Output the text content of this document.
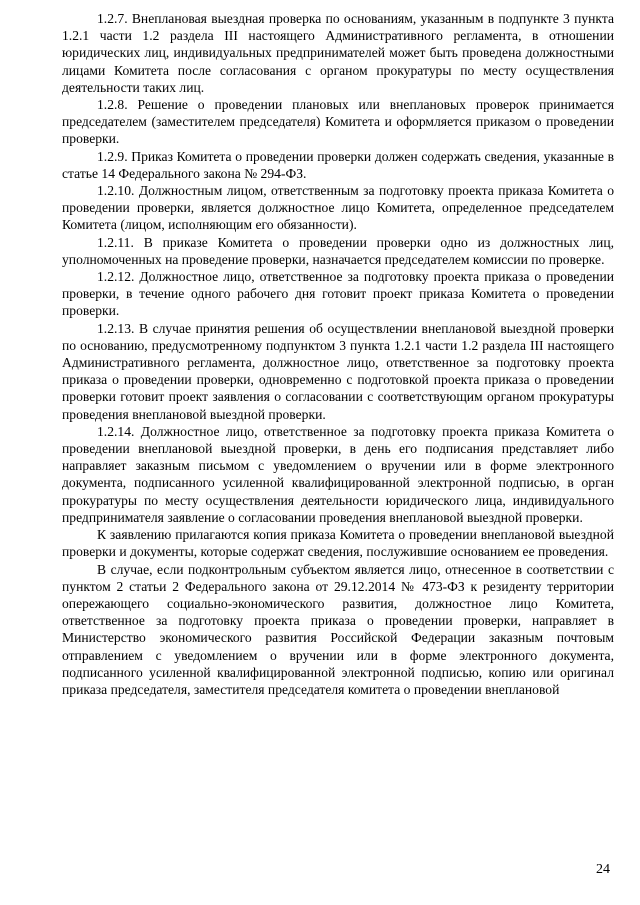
1.2.7. Внеплановая выездная проверка по основаниям, указанным в подпункте 3 пункта 1.2.1 части 1.2 раздела III настоящего Административного регламента, в отношении юридических лиц, индивидуальных предпринимателей может быть проведена должностными лицами Комитета после согласования с органом прокуратуры по месту осуществления деятельности таких лиц.

1.2.8. Решение о проведении плановых или внеплановых проверок принимается председателем (заместителем председателя) Комитета и оформляется приказом о проведении проверки.

1.2.9. Приказ Комитета о проведении проверки должен содержать сведения, указанные в статье 14 Федерального закона № 294-ФЗ.

1.2.10. Должностным лицом, ответственным за подготовку проекта приказа Комитета о проведении проверки, является должностное лицо Комитета, определенное председателем Комитета (лицом, исполняющим его обязанности).

1.2.11. В приказе Комитета о проведении проверки одно из должностных лиц, уполномоченных на проведение проверки, назначается председателем комиссии по проверке.

1.2.12. Должностное лицо, ответственное за подготовку проекта приказа о проведении проверки, в течение одного рабочего дня готовит проект приказа Комитета о проведении проверки.

1.2.13. В случае принятия решения об осуществлении внеплановой выездной проверки по основанию, предусмотренному подпунктом 3 пункта 1.2.1 части 1.2 раздела III настоящего Административного регламента, должностное лицо, ответственное за подготовку проекта приказа о проведении проверки, одновременно с подготовкой проекта приказа о проведении проверки готовит проект заявления о согласовании с соответствующим органом прокуратуры проведения внеплановой выездной проверки.

1.2.14. Должностное лицо, ответственное за подготовку проекта приказа Комитета о проведении внеплановой выездной проверки, в день его подписания представляет либо направляет заказным письмом с уведомлением о вручении или в форме электронного документа, подписанного усиленной квалифицированной электронной подписью, в орган прокуратуры по месту осуществления деятельности юридического лица, индивидуального предпринимателя заявление о согласовании проведения внеплановой выездной проверки.

К заявлению прилагаются копия приказа Комитета о проведении внеплановой выездной проверки и документы, которые содержат сведения, послужившие основанием ее проведения.

В случае, если подконтрольным субъектом является лицо, отнесенное в соответствии с пунктом 2 статьи 2 Федерального закона от 29.12.2014 № 473-ФЗ к резиденту территории опережающего социально-экономического развития, должностное лицо Комитета, ответственное за подготовку проекта приказа о проведении проверки, направляет в Министерство экономического развития Российской Федерации заказным почтовым отправлением с уведомлением о вручении или в форме электронного документа, подписанного усиленной квалифицированной электронной подписью, копию или оригинал приказа председателя, заместителя председателя комитета о проведении внеплановой

24
